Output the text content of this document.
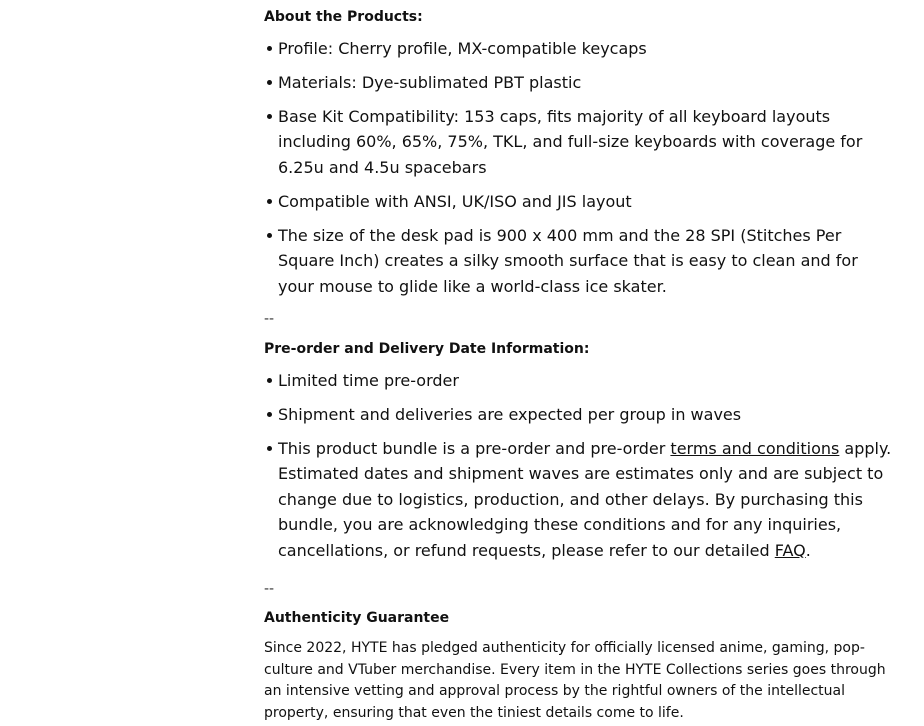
About the Products:

Profile: Cherry profile, MX-compatible keycaps
Materials: Dye-sublimated PBT plastic
Base Kit Compatibility: 153 caps, fits majority of all keyboard layouts including 60%, 65%, 75%, TKL, and full-size keyboards with coverage for 6.25u and 4.5u spacebars
Compatible with ANSI, UK/ISO and JIS layout
The size of the desk pad is 900 x 400 mm and the 28 SPI (Stitches Per Square Inch) creates a silky smooth surface that is easy to clean and for your mouse to glide like a world-class ice skater.

--

Pre-order and Delivery Date Information:

Limited time pre-order
Shipment and deliveries are expected per group in waves
This product bundle is a pre-order and pre-order terms and conditions apply. Estimated dates and shipment waves are estimates only and are subject to change due to logistics, production, and other delays. By purchasing this bundle, you are acknowledging these conditions and for any inquiries, cancellations, or refund requests, please refer to our detailed FAQ.

--

Authenticity Guarantee

Since 2022, HYTE has pledged authenticity for officially licensed anime, gaming, pop-culture and VTuber merchandise. Every item in the HYTE Collections series goes through an intensive vetting and approval process by the rightful owners of the intellectual property, ensuring that even the tiniest details come to life.
